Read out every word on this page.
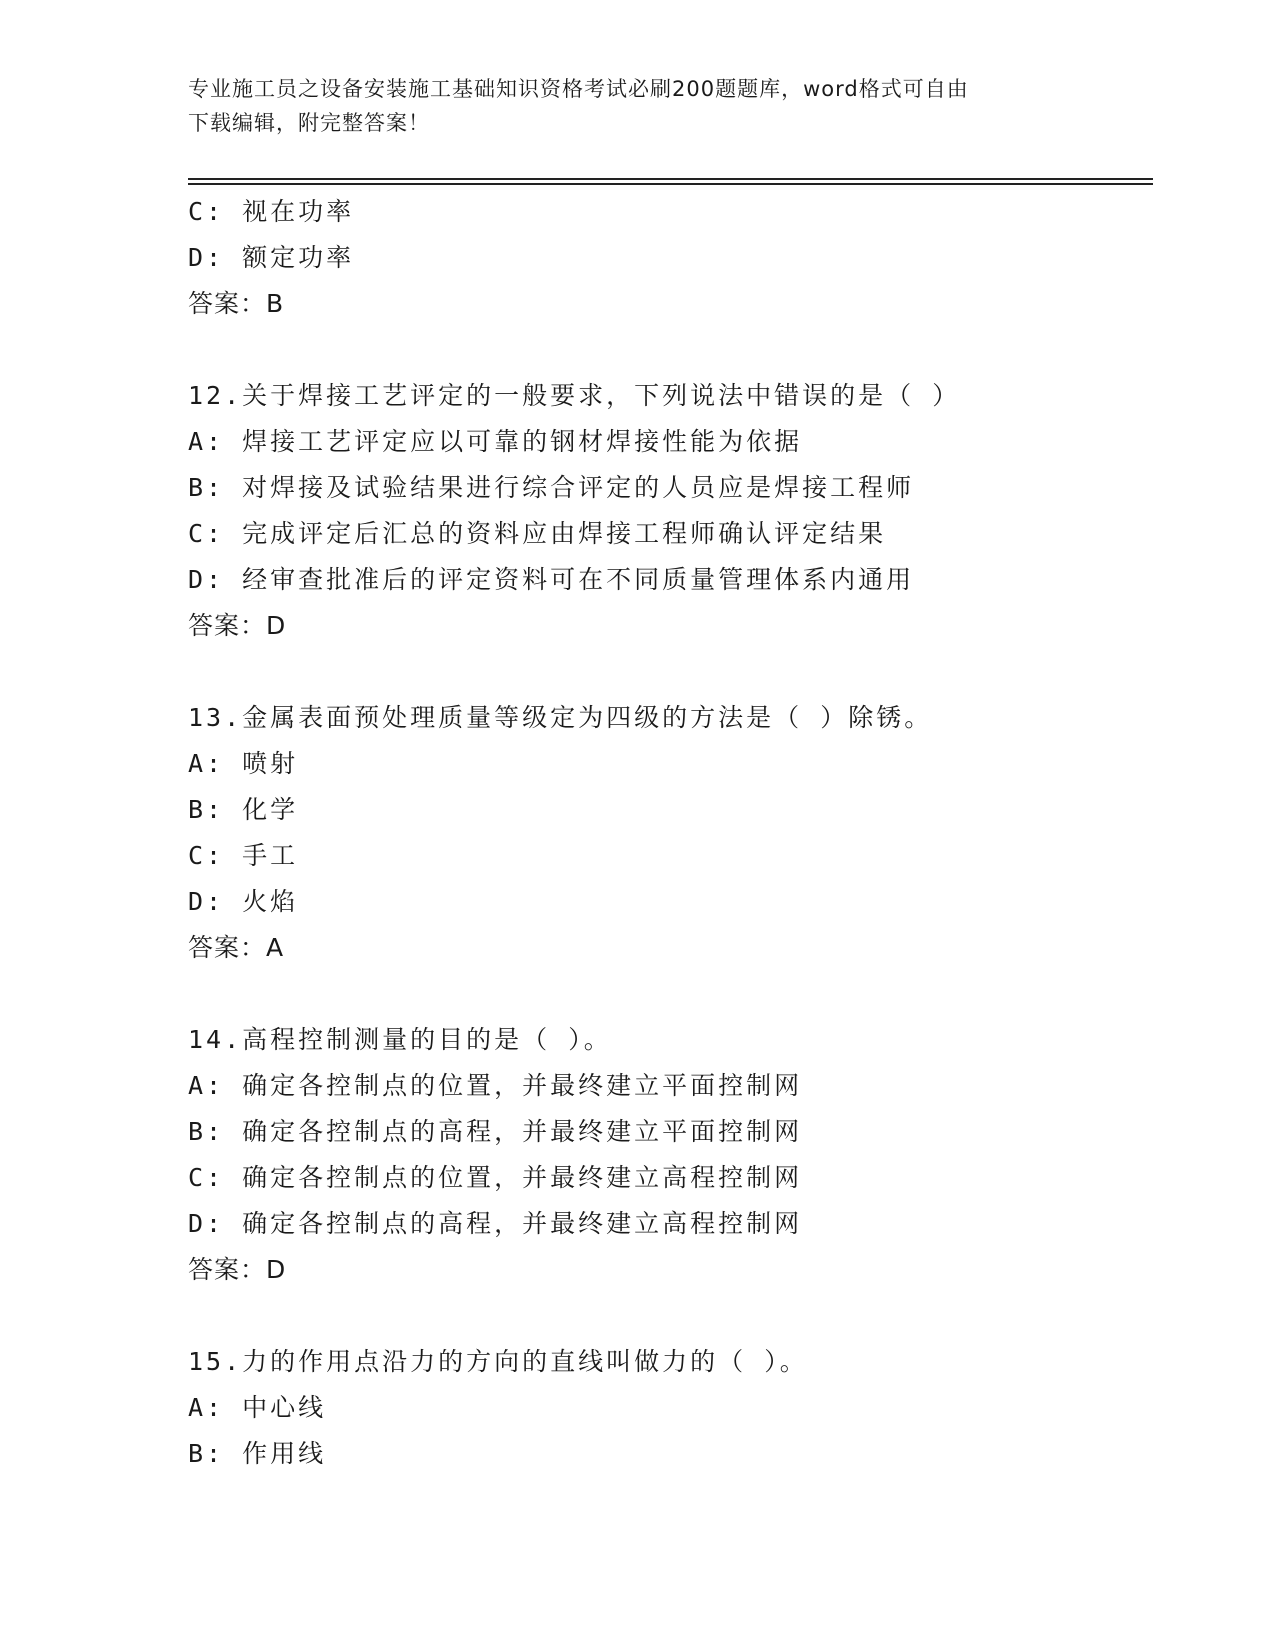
专业施工员之设备安装施工基础知识资格考试必刷200题题库，word格式可自由
下载编辑，附完整答案！
C: 视在功率
D: 额定功率
答案：B
12.关于焊接工艺评定的一般要求，下列说法中错误的是（ ）
A: 焊接工艺评定应以可靠的钢材焊接性能为依据
B: 对焊接及试验结果进行综合评定的人员应是焊接工程师
C: 完成评定后汇总的资料应由焊接工程师确认评定结果
D: 经审查批准后的评定资料可在不同质量管理体系内通用
答案：D
13.金属表面预处理质量等级定为四级的方法是（ ）除锈。
A: 喷射
B: 化学
C: 手工
D: 火焰
答案：A
14.高程控制测量的目的是（ ）。
A: 确定各控制点的位置，并最终建立平面控制网
B: 确定各控制点的高程，并最终建立平面控制网
C: 确定各控制点的位置，并最终建立高程控制网
D: 确定各控制点的高程，并最终建立高程控制网
答案：D
15.力的作用点沿力的方向的直线叫做力的（ ）。
A: 中心线
B: 作用线
